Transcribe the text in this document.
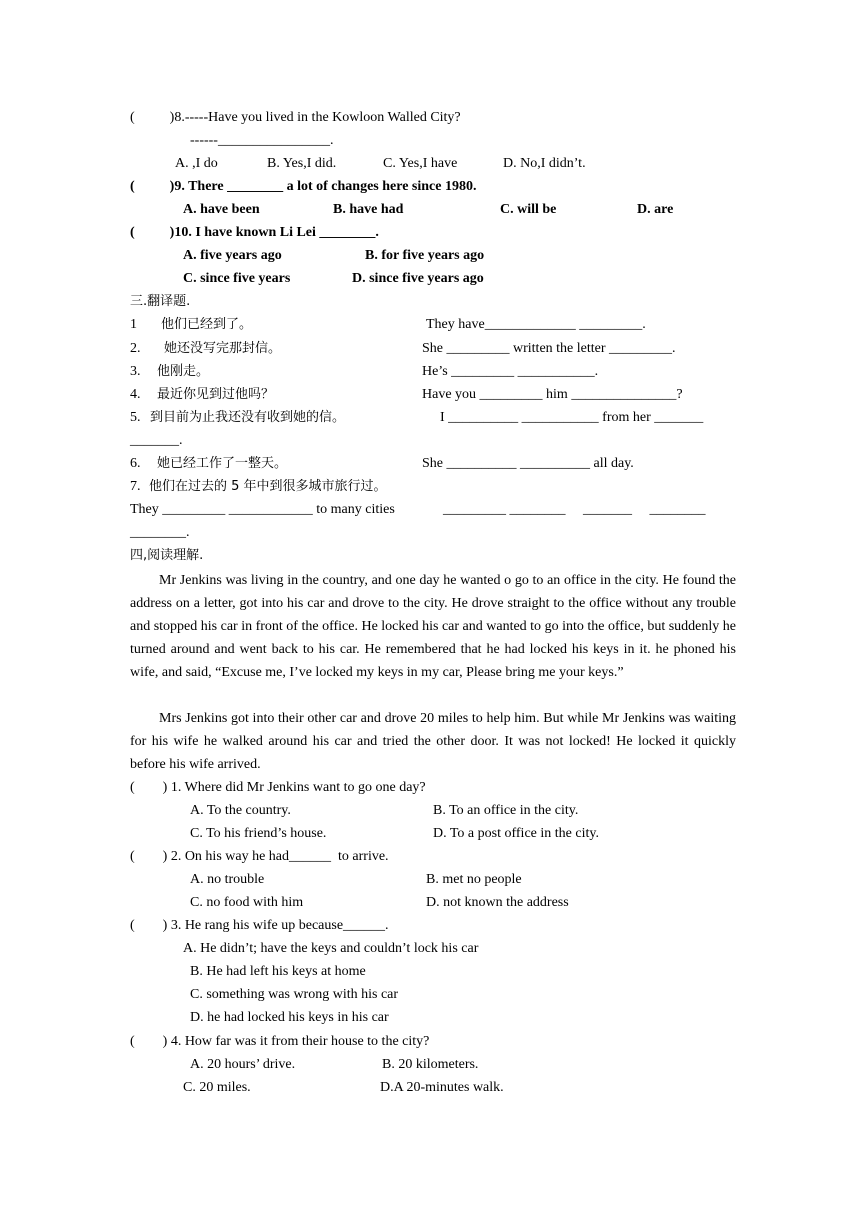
(          )8.-----Have you lived in the Kowloon Walled City?
------________________.
A. ,I do	B. Yes,I did.	C. Yes,I have	D. No,I didn’t.
(          )9. There ________ a lot of changes here since 1980.
A. have been	B. have had	C. will be	D. are
(          )10. I have known Li Lei ________.
A. five years ago	B. for five years ago
C. since five years	D. since five years ago
三.翻译题.
1 他们已经到了。	They have_____________ _________.
2. 她还没写完那封信。	She _________ written the letter _________.
3. 他刚走。	He’s _________ ___________.
4. 最近你见到过他吗？	Have you _________ him _______________?
5. 到目前为止我还没有收到她的信。	I __________ ___________ from her _______
_______.
6. 她已经工作了一整天。	She __________ __________ all day.
7. 他们在过去的 5 年中到很多城市旅行过。
They _________ ____________ to many cities	_________ ________     _______     ________
________.
四,阅读理解.
Mr Jenkins was living in the country, and one day he wanted o go to an office in the city. He found the address on a letter, got into his car and drove to the city. He drove straight to the office without any trouble and stopped his car in front of the office. He locked his car and wanted to go into the office, but suddenly he turned around and went back to his car. He remembered that he had locked his keys in it. he phoned his wife, and said, “Excuse me, I’ve locked my keys in my car, Please bring me your keys.”
Mrs Jenkins got into their other car and drove 20 miles to help him. But while Mr Jenkins was waiting for his wife he walked around his car and tried the other door. It was not locked! He locked it quickly before his wife arrived.
(        ) 1. Where did Mr Jenkins want to go one day?
A. To the country.	B. To an office in the city.
C. To his friend’s house.	D. To a post office in the city.
(        ) 2. On his way he had______  to arrive.
A. no trouble	B. met no people
C. no food with him	D. not known the address
(        ) 3. He rang his wife up because______.
A. He didn’t; have the keys and couldn’t lock his car
B. He had left his keys at home
C. something was wrong with his car
D. he had locked his keys in his car
(        ) 4. How far was it from their house to the city?
A. 20 hours’ drive.	B. 20 kilometers.
C. 20 miles.	D.A 20-minutes walk.
